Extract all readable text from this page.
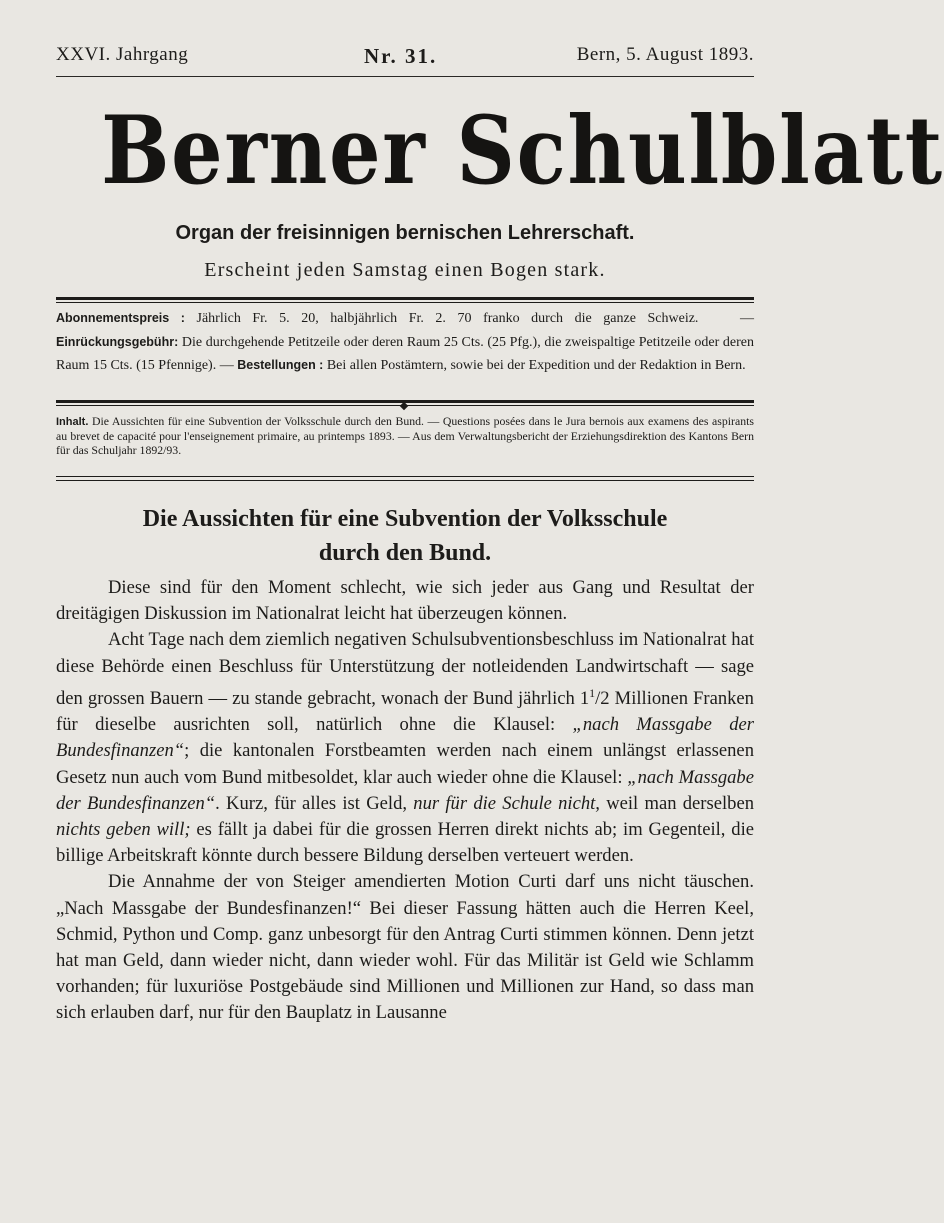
XXVI. Jahrgang	Nr. 31.	Bern, 5. August 1893.
Berner Schulblatt
Organ der freisinnigen bernischen Lehrerschaft.
Erscheint jeden Samstag einen Bogen stark.
Abonnementspreis : Jährlich Fr. 5. 20, halbjährlich Fr. 2. 70 franko durch die ganze Schweiz.	— Einrückungsgebühr: Die durchgehende Petitzeile oder deren Raum 25 Cts. (25 Pfg.), die zweispaltige Petitzeile oder deren Raum 15 Cts. (15 Pfennige). — Bestellungen : Bei allen Postämtern, sowie bei der Expedition und der Redaktion in Bern.
Inhalt. Die Aussichten für eine Subvention der Volksschule durch den Bund. — Questions posées dans le Jura bernois aux examens des aspirants au brevet de capacité pour l'enseignement primaire, au printemps 1893. — Aus dem Verwaltungsbericht der Erziehungsdirektion des Kantons Bern für das Schuljahr 1892/93.
Die Aussichten für eine Subvention der Volksschule
durch den Bund.

Diese sind für den Moment schlecht, wie sich jeder aus Gang und Resultat der dreitägigen Diskussion im Nationalrat leicht hat überzeugen können.

Acht Tage nach dem ziemlich negativen Schulsubventionsbeschluss im Nationalrat hat diese Behörde einen Beschluss für Unterstützung der notleidenden Landwirtschaft — sage den grossen Bauern — zu stande gebracht, wonach der Bund jährlich $1^1/2$ Millionen Franken für dieselbe ausrichten soll, natürlich ohne die Klausel: „nach Massgabe der Bundesfinanzen“; die kantonalen Forstbeamten werden nach einem unlängst erlassenen Gesetz nun auch vom Bund mitbesoldet, klar auch wieder ohne die Klausel: „nach Massgabe der Bundesfinanzen“. Kurz, für alles ist Geld, nur für die Schule nicht, weil man derselben nichts geben will; es fällt ja dabei für die grossen Herren direkt nichts ab; im Gegenteil, die billige Arbeitskraft könnte durch bessere Bildung derselben verteuert werden.

Die Annahme der von Steiger amendierten Motion Curti darf uns nicht täuschen. „Nach Massgabe der Bundesfinanzen!“ Bei dieser Fassung hätten auch die Herren Keel, Schmid, Python und Comp. ganz unbesorgt für den Antrag Curti stimmen können. Denn jetzt hat man Geld, dann wieder nicht, dann wieder wohl. Für das Militär ist Geld wie Schlamm vorhanden; für luxuriöse Postgebäude sind Millionen und Millionen zur Hand, so dass man sich erlauben darf, nur für den Bauplatz in Lausanne
